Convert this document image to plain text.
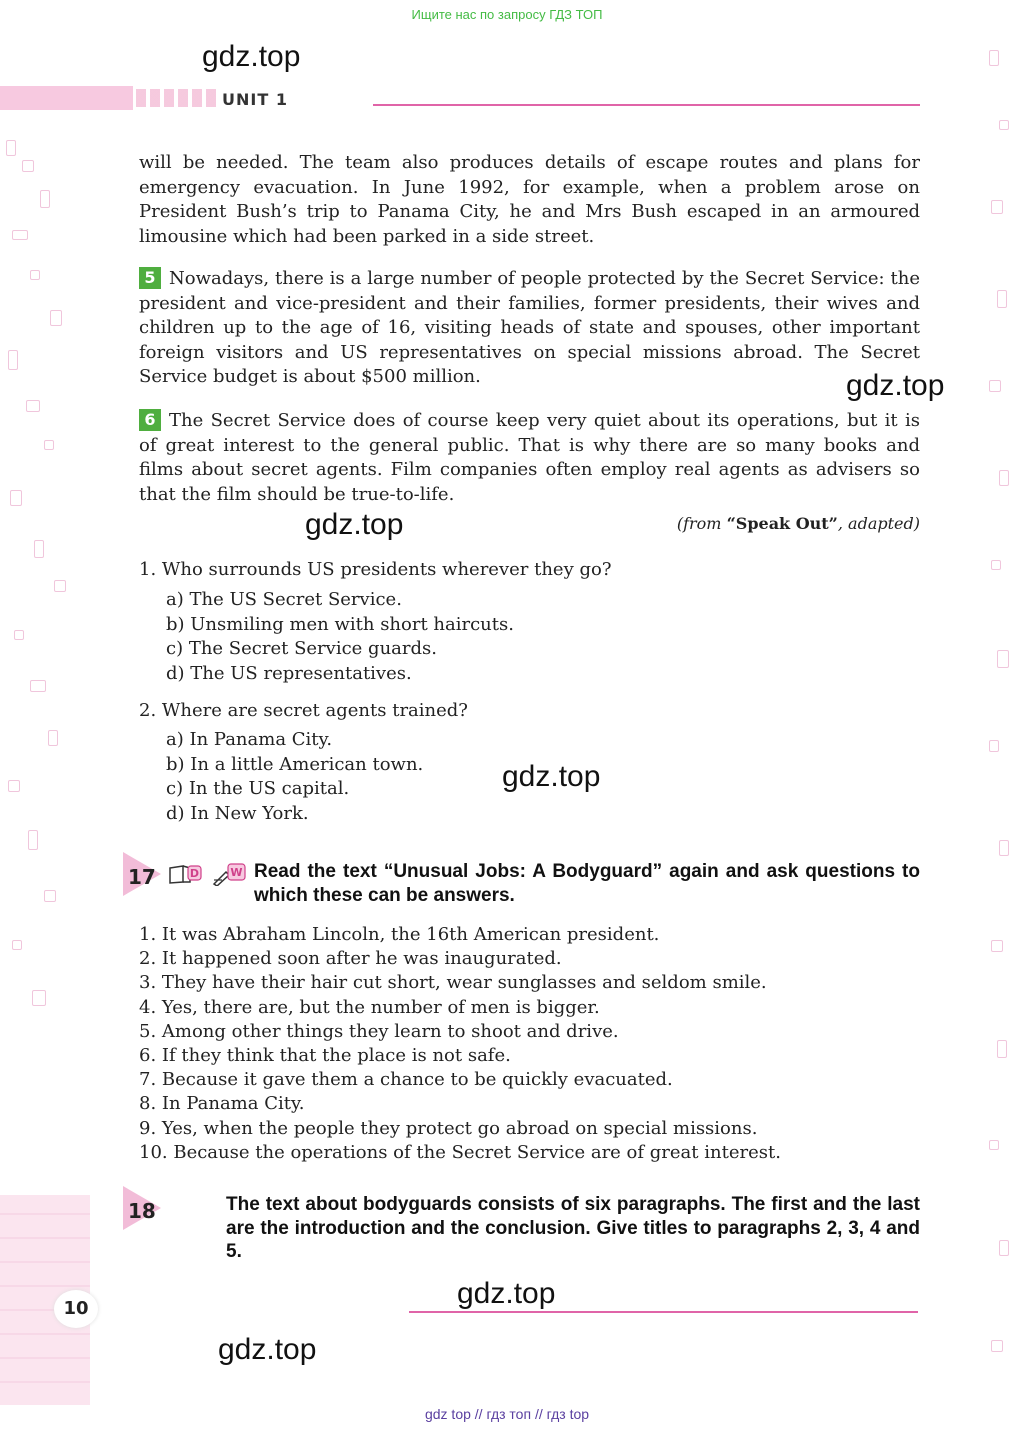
Ищите нас по запросу ГДЗ ТОП
gdz.top
UNIT 1

will be needed. The team also produces details of escape routes and plans for emergency evacuation. In June 1992, for example, when a problem arose on President Bush’s trip to Panama City, he and Mrs Bush escaped in an armoured limousine which had been parked in a side street.

5 Nowadays, there is a large number of people protected by the Secret Service: the president and vice-president and their families, former presidents, their wives and children up to the age of 16, visiting heads of state and spouses, other important foreign visitors and US representatives on special missions abroad. The Secret Service budget is about $500 million.	gdz.top

6 The Secret Service does of course keep very quiet about its operations, but it is of great interest to the general public. That is why there are so many books and films about secret agents. Film companies often employ real agents as advisers so that the film should be true-to-life.

gdz.top	(from “Speak Out”, adapted)
1. Who surrounds US presidents wherever they go?
a) The US Secret Service.
b) Unsmiling men with short haircuts.
c) The Secret Service guards.
d) The US representatives.
2. Where are secret agents trained?
a) In Panama City.
b) In a little American town.
c) In the US capital.
d) In New York.
gdz.top
17	D	W Read the text “Unusual Jobs: A Bodyguard” again and ask questions to which these can be answers.
1. It was Abraham Lincoln, the 16th American president.
2. It happened soon after he was inaugurated.
3. They have their hair cut short, wear sunglasses and seldom smile.
4. Yes, there are, but the number of men is bigger.
5. Among other things they learn to shoot and drive.
6. If they think that the place is not safe.
7. Because it gave them a chance to be quickly evacuated.
8. In Panama City.
9. Yes, when the people they protect go abroad on special missions.
10. Because the operations of the Secret Service are of great interest.
18	The text about bodyguards consists of six paragraphs. The first and the last are the introduction and the conclusion. Give titles to paragraphs 2, 3, 4 and 5.
gdz.top
10
gdz.top
gdz top // гдз топ // гдз top
